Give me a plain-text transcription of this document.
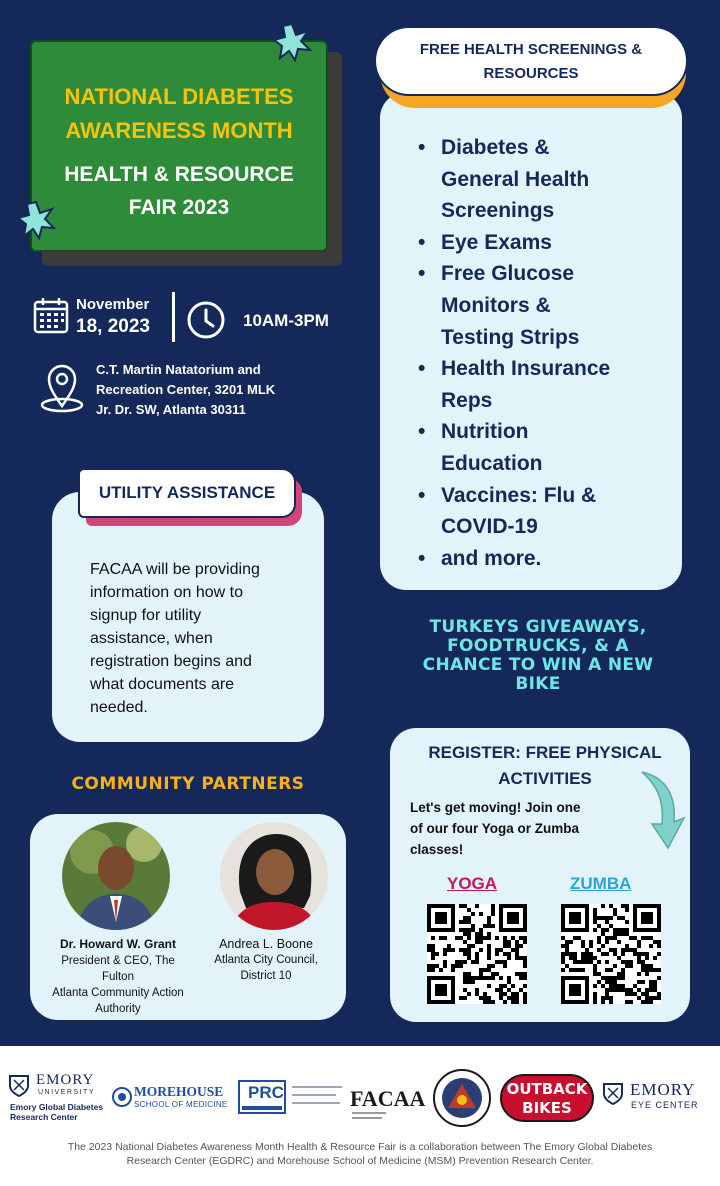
NATIONAL DIABETES
AWARENESS MONTH
HEALTH & RESOURCE
FAIR 2023
November
18, 2023	10AM-3PM
C.T. Martin Natatorium and
Recreation Center, 3201 MLK
Jr. Dr. SW, Atlanta 30311
UTILITY ASSISTANCE
FACAA will be providing
information on how to
signup for utility
assistance, when
registration begins and
what documents are
needed.
COMMUNITY PARTNERS
Dr. Howard W. Grant
President & CEO, The Fulton
Atlanta Community Action
Authority
Andrea L. Boone
Atlanta City Council,
District 10
FREE HEALTH SCREENINGS &
RESOURCES
• Diabetes &
General Health
Screenings
• Eye Exams
• Free Glucose
Monitors &
Testing Strips
• Health Insurance
Reps
• Nutrition
Education
• Vaccines: Flu &
COVID-19
• and more.
TURKEYS GIVEAWAYS,
FOODTRUCKS, & A
CHANCE TO WIN A NEW
BIKE
REGISTER: FREE PHYSICAL
ACTIVITIES
Let's get moving! Join one
of our four Yoga or Zumba
classes!
YOGA	ZUMBA
EMORY
UNIVERSITY
Emory Global Diabetes
Research Center
MOREHOUSE
SCHOOL OF MEDICINE
PRC	FACAA	OUTBACK
BIKES
EMORY
EYE CENTER
The 2023 National Diabetes Awareness Month Health & Resource Fair is a collaboration between The Emory Global Diabetes
Research Center (EGDRC) and Morehouse School of Medicine (MSM) Prevention Research Center.
